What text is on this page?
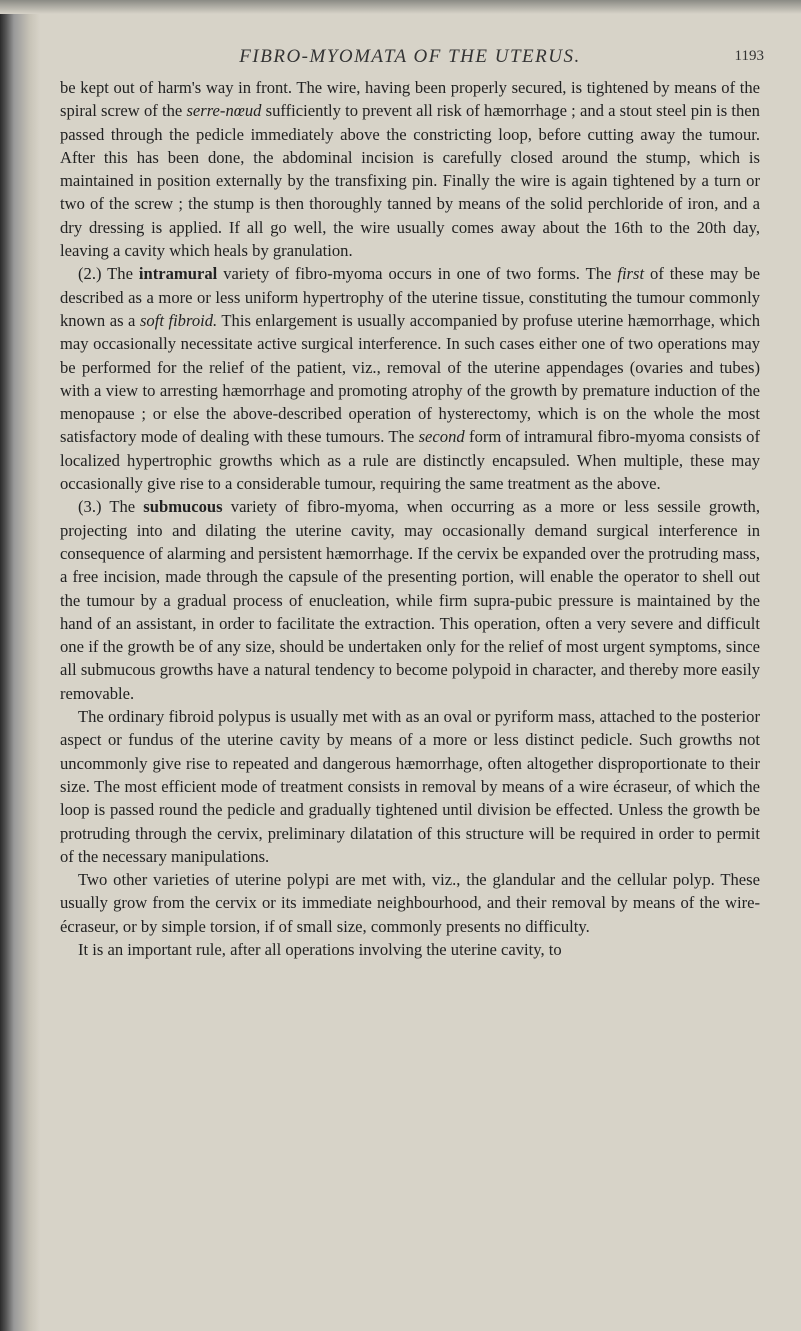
FIBRO-MYOMATA OF THE UTERUS.	1193

be kept out of harm's way in front. The wire, having been properly secured, is tightened by means of the spiral screw of the serre-nœud sufficiently to prevent all risk of hæmorrhage ; and a stout steel pin is then passed through the pedicle immediately above the constricting loop, before cutting away the tumour. After this has been done, the abdominal incision is carefully closed around the stump, which is maintained in position externally by the transfixing pin. Finally the wire is again tightened by a turn or two of the screw ; the stump is then thoroughly tanned by means of the solid perchloride of iron, and a dry dressing is applied. If all go well, the wire usually comes away about the 16th to the 20th day, leaving a cavity which heals by granulation.

(2.) The intramural variety of fibro-myoma occurs in one of two forms. The first of these may be described as a more or less uniform hypertrophy of the uterine tissue, constituting the tumour commonly known as a soft fibroid. This enlargement is usually accompanied by profuse uterine hæmorrhage, which may occasionally necessitate active surgical interference. In such cases either one of two operations may be performed for the relief of the patient, viz., removal of the uterine appendages (ovaries and tubes) with a view to arresting hæmorrhage and promoting atrophy of the growth by premature induction of the menopause ; or else the above-described operation of hysterectomy, which is on the whole the most satisfactory mode of dealing with these tumours. The second form of intramural fibro-myoma consists of localized hypertrophic growths which as a rule are distinctly encapsuled. When multiple, these may occasionally give rise to a considerable tumour, requiring the same treatment as the above.

(3.) The submucous variety of fibro-myoma, when occurring as a more or less sessile growth, projecting into and dilating the uterine cavity, may occasionally demand surgical interference in consequence of alarming and persistent hæmorrhage. If the cervix be expanded over the protruding mass, a free incision, made through the capsule of the presenting portion, will enable the operator to shell out the tumour by a gradual process of enucleation, while firm supra-pubic pressure is maintained by the hand of an assistant, in order to facilitate the extraction. This operation, often a very severe and difficult one if the growth be of any size, should be undertaken only for the relief of most urgent symptoms, since all submucous growths have a natural tendency to become polypoid in character, and thereby more easily removable.

The ordinary fibroid polypus is usually met with as an oval or pyriform mass, attached to the posterior aspect or fundus of the uterine cavity by means of a more or less distinct pedicle. Such growths not uncommonly give rise to repeated and dangerous hæmorrhage, often altogether disproportionate to their size. The most efficient mode of treatment consists in removal by means of a wire écraseur, of which the loop is passed round the pedicle and gradually tightened until division be effected. Unless the growth be protruding through the cervix, preliminary dilatation of this structure will be required in order to permit of the necessary manipulations.

Two other varieties of uterine polypi are met with, viz., the glandular and the cellular polyp. These usually grow from the cervix or its immediate neighbourhood, and their removal by means of the wire-écraseur, or by simple torsion, if of small size, commonly presents no difficulty.

It is an important rule, after all operations involving the uterine cavity, to
